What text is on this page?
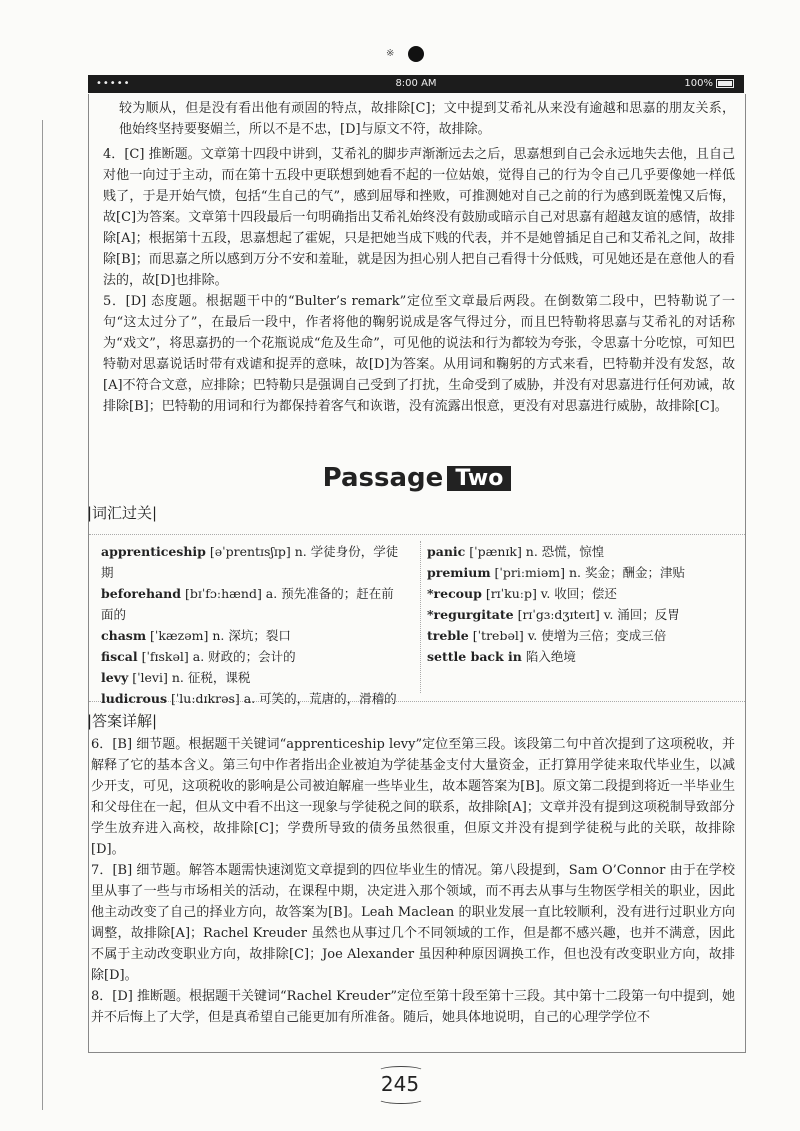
※
•••••	8:00 AM	100%
较为顺从，但是没有看出他有顽固的特点，故排除[C]；文中提到艾希礼从来没有逾越和思嘉的朋友关系，他始终坚持要娶媚兰，所以不是不忠，[D]与原文不符，故排除。
4．[C] 推断题。文章第十四段中讲到，艾希礼的脚步声渐渐远去之后，思嘉想到自己会永远地失去他，且自己对他一向过于主动，而在第十五段中更联想到她看不起的一位姑娘，觉得自己的行为令自己几乎要像她一样低贱了，于是开始气愤，包括“生自己的气”，感到屈辱和挫败，可推测她对自己之前的行为感到既羞愧又后悔，故[C]为答案。文章第十四段最后一句明确指出艾希礼始终没有鼓励或暗示自己对思嘉有超越友谊的感情，故排除[A]；根据第十五段，思嘉想起了霍妮，只是把她当成下贱的代表，并不是她曾插足自己和艾希礼之间，故排除[B]；而思嘉之所以感到万分不安和羞耻，就是因为担心别人把自己看得十分低贱，可见她还是在意他人的看法的，故[D]也排除。
5．[D] 态度题。根据题干中的“Bulter’s remark”定位至文章最后两段。在倒数第二段中，巴特勒说了一句“这太过分了”，在最后一段中，作者将他的鞠躬说成是客气得过分，而且巴特勒将思嘉与艾希礼的对话称为“戏文”，将思嘉扔的一个花瓶说成“危及生命”，可见他的说法和行为都较为夸张，令思嘉十分吃惊，可知巴特勒对思嘉说话时带有戏谑和捉弄的意味，故[D]为答案。从用词和鞠躬的方式来看，巴特勒并没有发怒，故[A]不符合文意，应排除；巴特勒只是强调自己受到了打扰，生命受到了威胁，并没有对思嘉进行任何劝诫，故排除[B]；巴特勒的用词和行为都保持着客气和诙谐，没有流露出恨意，更没有对思嘉进行威胁，故排除[C]。
Passage Two
|词汇过关|
apprenticeship [əˈprentɪsʃɪp] n. 学徒身份，学徒期
beforehand [bɪˈfɔːhænd] a. 预先准备的；赶在前面的
chasm [ˈkæzəm] n. 深坑；裂口
fiscal [ˈfɪskəl] a. 财政的；会计的
levy [ˈlevi] n. 征税，课税
ludicrous [ˈluːdɪkrəs] a. 可笑的，荒唐的，滑稽的
panic [ˈpænɪk] n. 恐慌，惊惶
premium [ˈpriːmiəm] n. 奖金；酬金；津贴
*recoup [rɪˈkuːp] v. 收回；偿还
*regurgitate [rɪˈgɜːdʒɪteɪt] v. 涌回；反胃
treble [ˈtrebəl] v. 使增为三倍；变成三倍
settle back in 陷入绝境
|答案详解|
6．[B] 细节题。根据题干关键词“apprenticeship levy”定位至第三段。该段第二句中首次提到了这项税收，并解释了它的基本含义。第三句中作者指出企业被迫为学徒基金支付大量资金，正打算用学徒来取代毕业生，以减少开支，可见，这项税收的影响是公司被迫解雇一些毕业生，故本题答案为[B]。原文第二段提到将近一半毕业生和父母住在一起，但从文中看不出这一现象与学徒税之间的联系，故排除[A]；文章并没有提到这项税制导致部分学生放弃进入高校，故排除[C]；学费所导致的债务虽然很重，但原文并没有提到学徒税与此的关联，故排除[D]。
7．[B] 细节题。解答本题需快速浏览文章提到的四位毕业生的情况。第八段提到，Sam O’Connor 由于在学校里从事了一些与市场相关的活动，在课程中期，决定进入那个领域，而不再去从事与生物医学相关的职业，因此他主动改变了自己的择业方向，故答案为[B]。Leah Maclean 的职业发展一直比较顺利，没有进行过职业方向调整，故排除[A]；Rachel Kreuder 虽然也从事过几个不同领域的工作，但是都不感兴趣，也并不满意，因此不属于主动改变职业方向，故排除[C]；Joe Alexander 虽因种种原因调换工作，但也没有改变职业方向，故排除[D]。
8．[D] 推断题。根据题干关键词“Rachel Kreuder”定位至第十段至第十三段。其中第十二段第一句中提到，她并不后悔上了大学，但是真希望自己能更加有所准备。随后，她具体地说明，自己的心理学学位不
245
